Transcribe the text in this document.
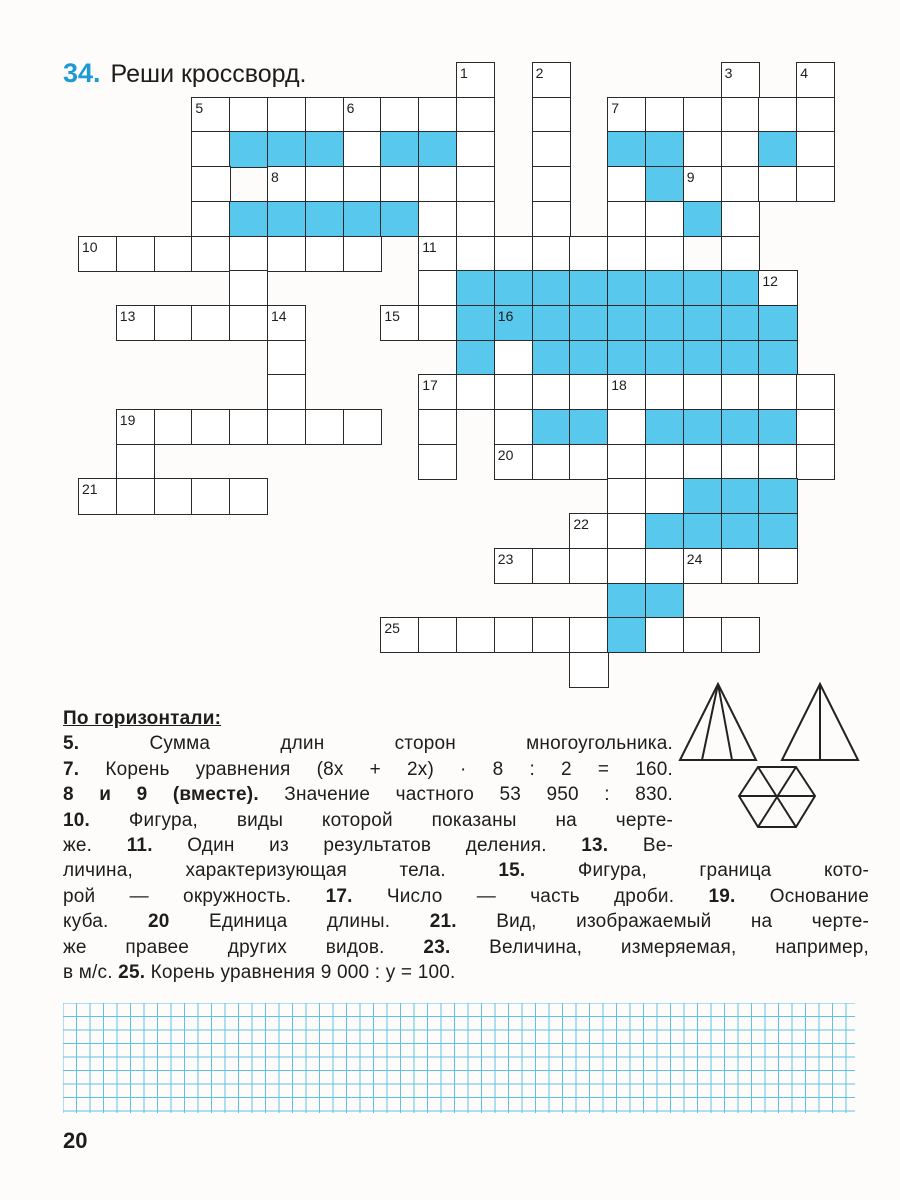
34. Реши кроссворд.	1	2	3	4
5	6	7
8	9
10	11
12
13	14	15	16
17	18
19
20
21
22
23	24
25
По горизонтали:
5. Сумма длин сторон многоугольника.
7. Корень уравнения (8x + 2x) · 8 : 2 = 160.
8 и 9 (вместе). Значение частного 53 950 : 830.
10. Фигура, виды которой показаны на черте-
же. 11. Один из результатов деления. 13. Ве-
личина, характеризующая тела. 15. Фигура, граница кото-
рой — окружность. 17. Число — часть дроби. 19. Основание
куба. 20 Единица длины. 21. Вид, изображаемый на черте-
же правее других видов. 23. Величина, измеряемая, например,
в м/с. 25. Корень уравнения 9 000 : y = 100.
20
